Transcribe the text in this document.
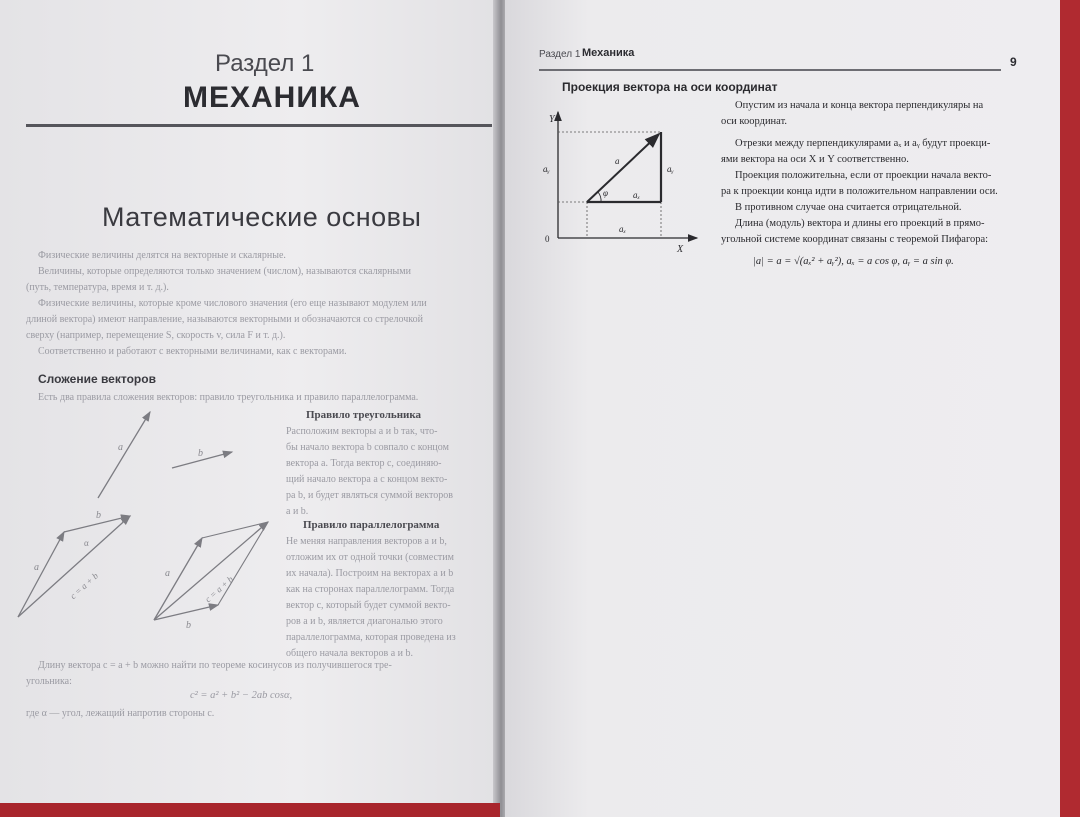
Раздел 1
МЕХАНИКА
Математические основы
Физические величины делятся на векторные и скалярные.
Величины, которые определяются только значением (числом), называются скалярными
(путь, температура, время и т. д.).
Физические величины, которые кроме числового значения (его еще называют модулем или
длиной вектора) имеют направление, называются векторными и обозначаются со стрелочкой
сверху (например, перемещение S, скорость v, сила F и т. д.).
Соответственно и работают с векторными величинами, как с векторами.
Сложение векторов
Есть два правила сложения векторов: правило треугольника и правило параллелограмма.
Правило треугольника
Расположим векторы a и b так, что-
бы начало вектора b совпало с концом
вектора a. Тогда вектор c, соединяю-
щий начало вектора a с концом векто-
ра b, и будет являться суммой векторов
a и b.
Правило параллелограмма
Не меняя направления векторов a и b,
отложим их от одной точки (совместим
их начала). Построим на векторах a и b
как на сторонах параллелограмм. Тогда
вектор c, который будет суммой векто-
ров a и b, является диагональю этого
параллелограмма, которая проведена из
общего начала векторов a и b.
Длину вектора c = a + b можно найти по теореме косинусов из получившегося тре-
угольника:
c² = a² + b² − 2ab cosα,
где α — угол, лежащий напротив стороны c.
a
b
b
a
α
c = a + b	a
b
c = a + b
Раздел 1 Механика
9
Проекция вектора на оси координат
Опустим из начала и конца вектора перпендикуляры на
оси координат.
Отрезки между перпендикулярами aₓ и aᵧ будут проекци-
ями вектора на оси X и Y соответственно.
Проекция положительна, если от проекции начала векто-
ра к проекции конца идти в положительном направлении оси.
В противном случае она считается отрицательной.
Длина (модуль) вектора и длины его проекций в прямо-
угольной системе координат связаны с теоремой Пифагора:
|a| = a = √(aₓ² + aᵧ²), aₓ = a cos φ, aᵧ = a sin φ.
Y
X
0
a
aₓ
aₓ
aᵧ
aᵧ
φ
